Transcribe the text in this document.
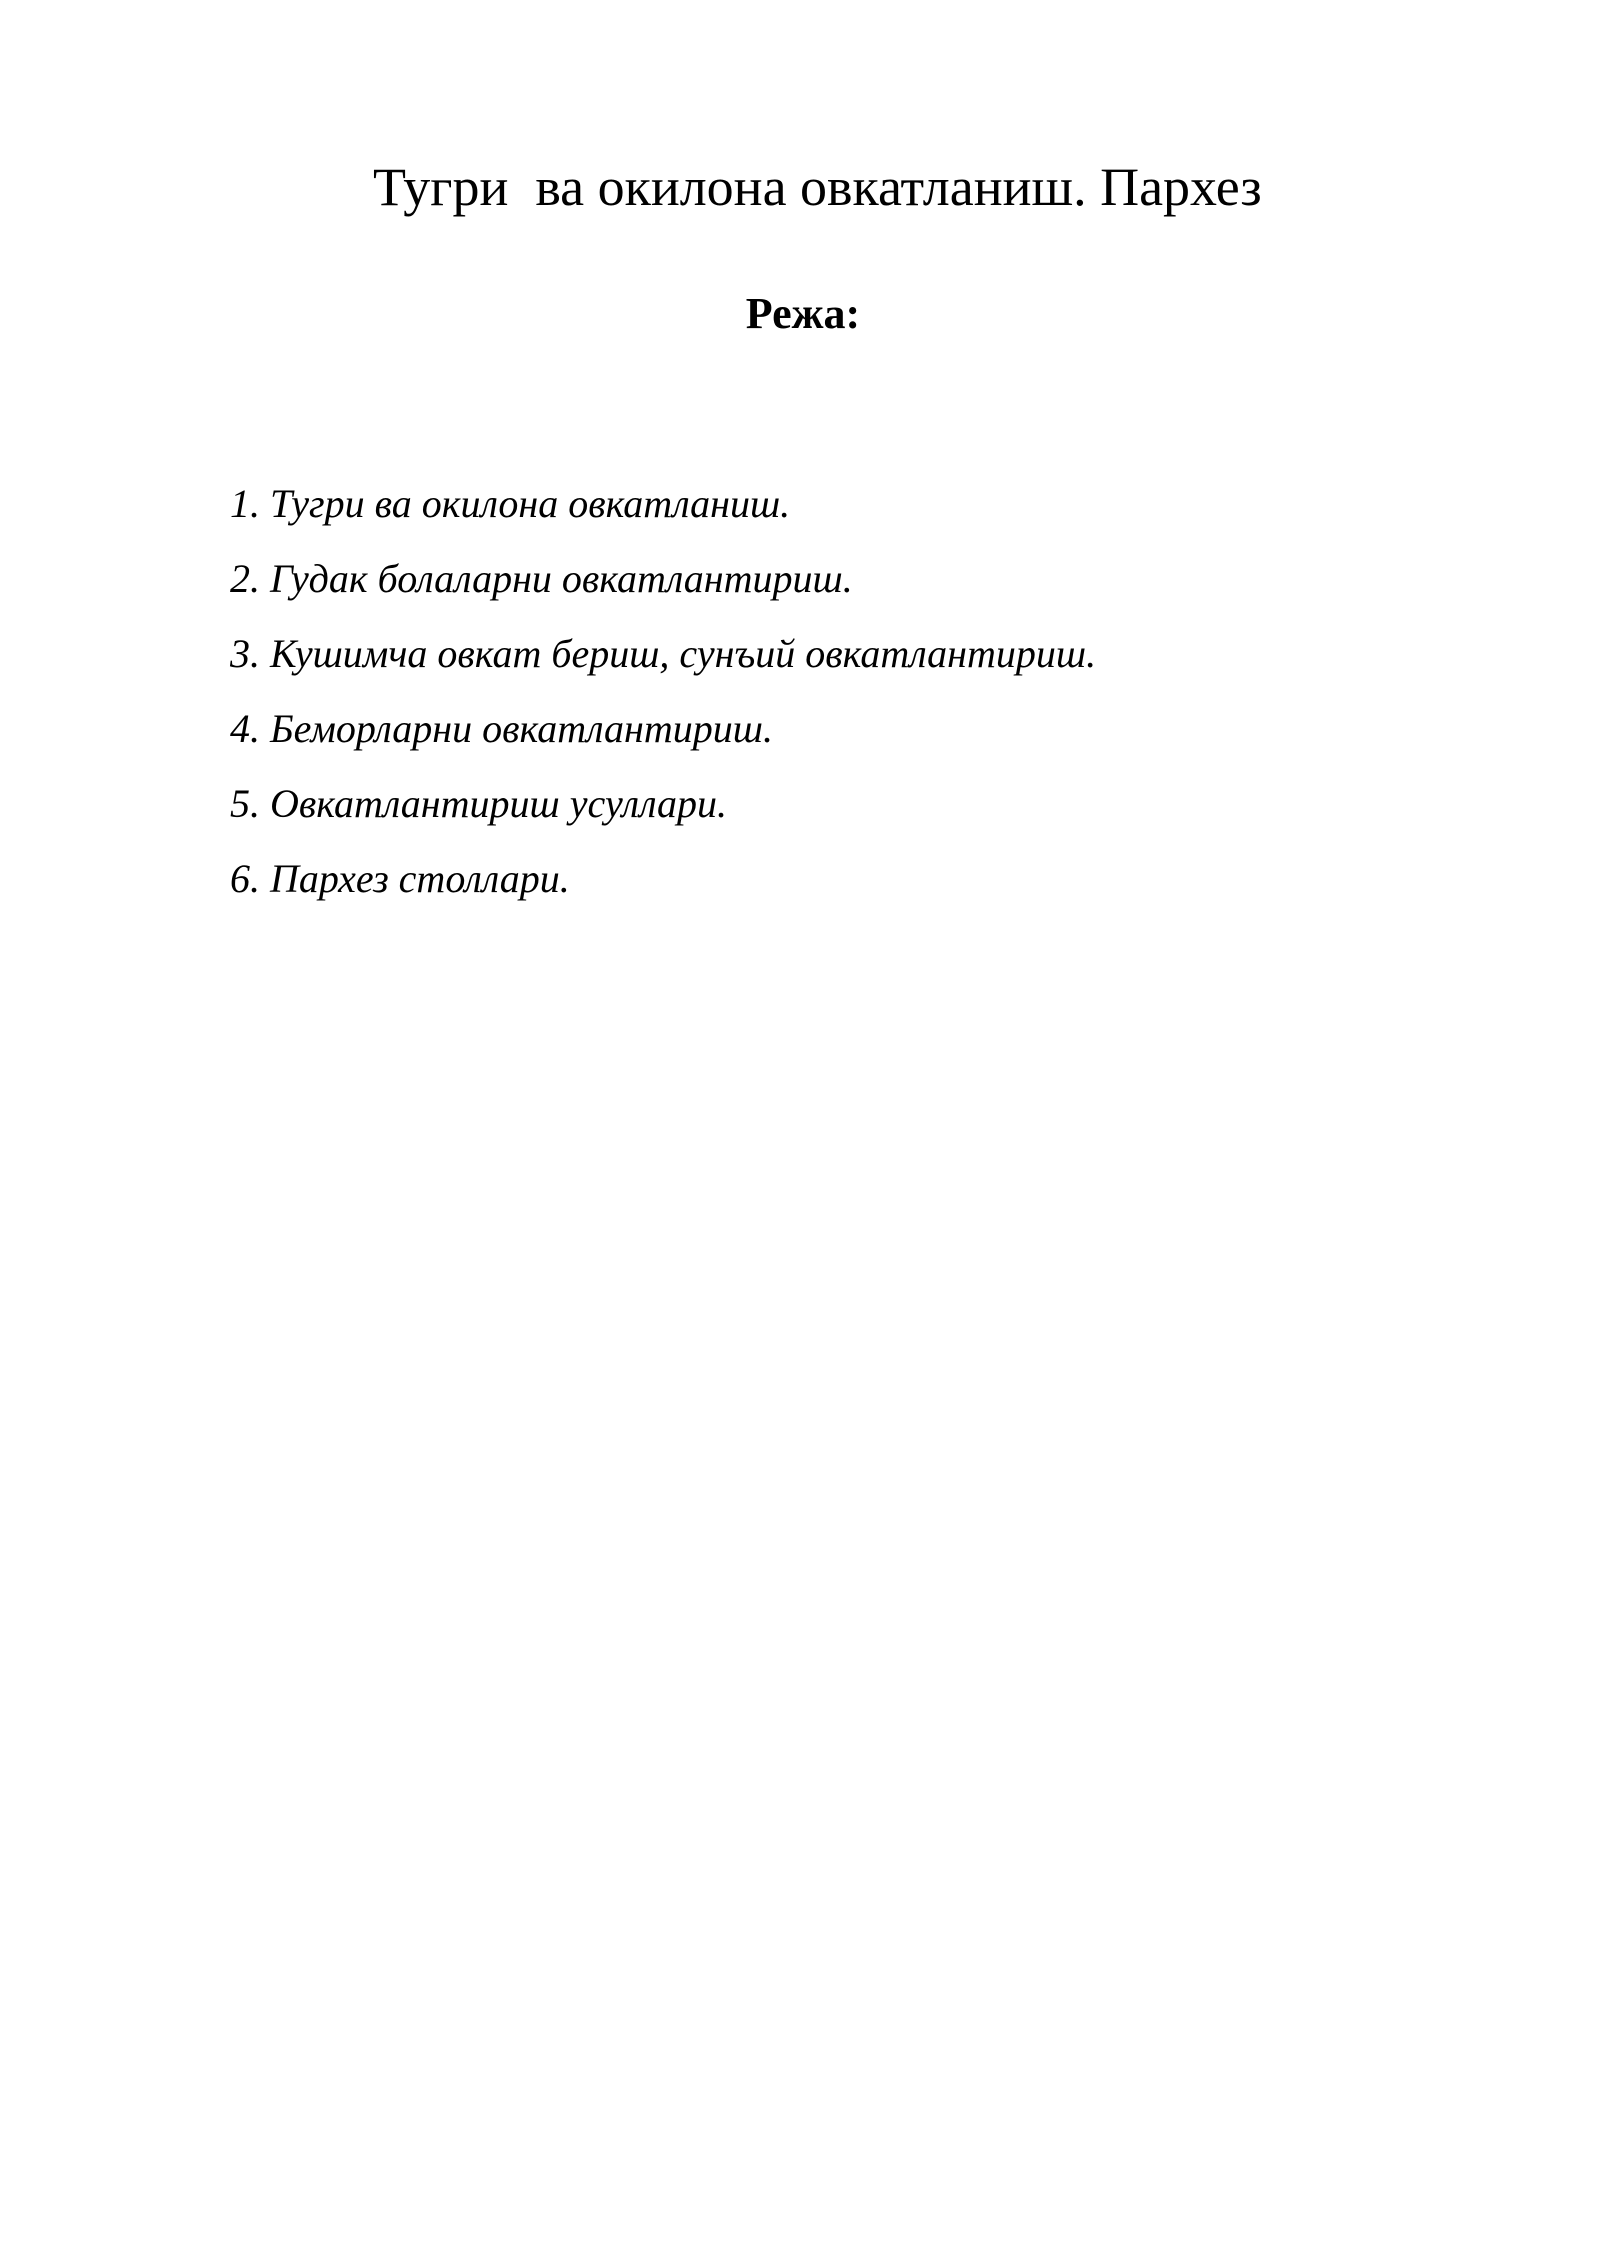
Тугри  ва окилона овкатланиш. Пархез
Режа:
1. Тугри ва окилона овкатланиш.
2. Гудак болаларни овкатлантириш.
3. Кушимча овкат бериш, сунъий овкатлантириш.
4. Беморларни овкатлантириш.
5. Овкатлантириш усуллари.
6. Пархез столлари.
